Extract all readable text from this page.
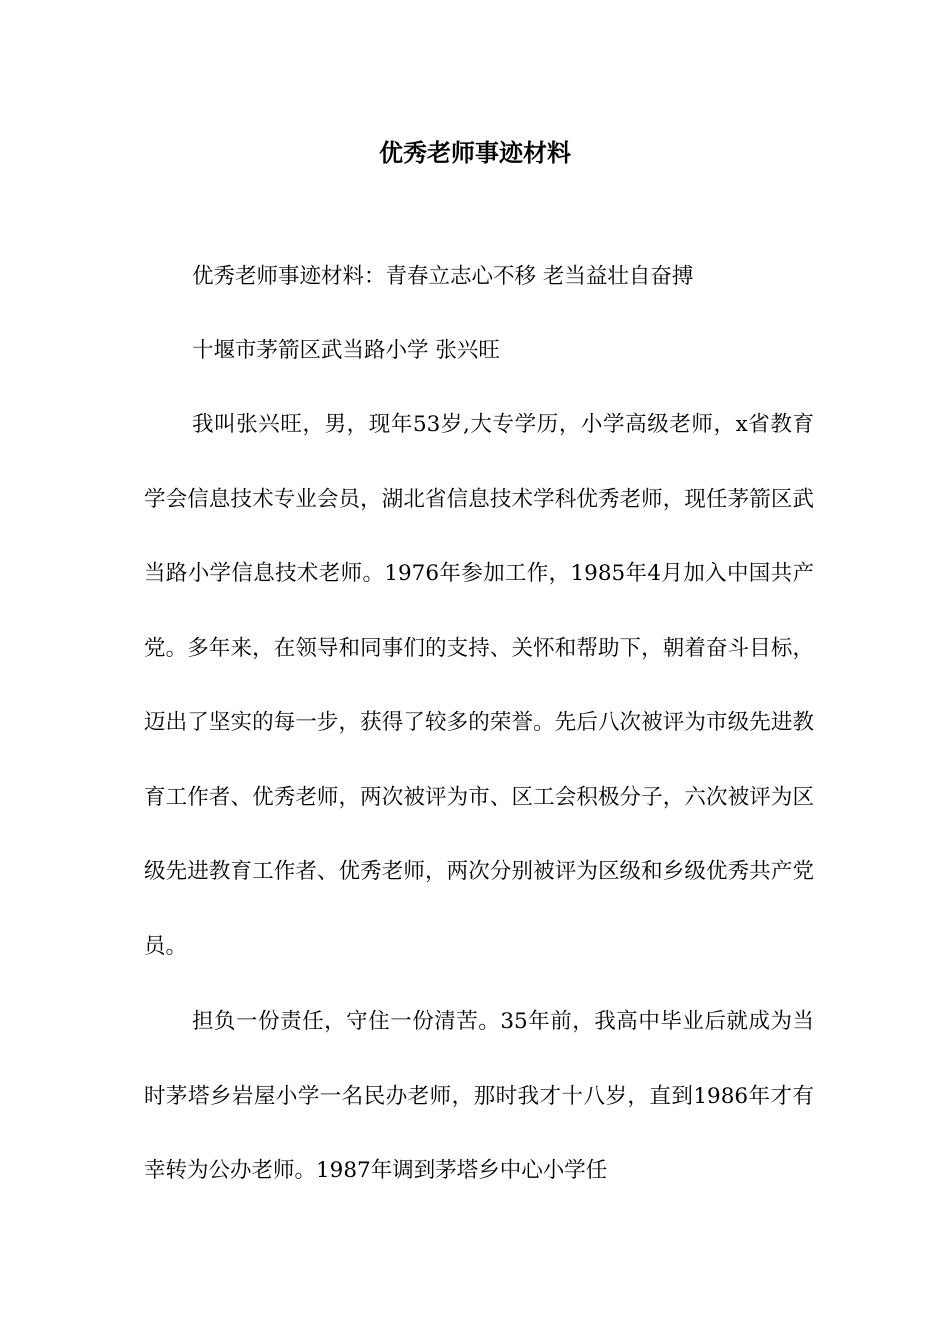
优秀老师事迹材料

优秀老师事迹材料：青春立志心不移 老当益壮自奋搏

十堰市茅箭区武当路小学 张兴旺

我叫张兴旺，男，现年53岁,大专学历，小学高级老师，x省教育学会信息技术专业会员，湖北省信息技术学科优秀老师，现任茅箭区武当路小学信息技术老师。1976年参加工作，1985年4月加入中国共产党。多年来，在领导和同事们的支持、关怀和帮助下，朝着奋斗目标，迈出了坚实的每一步，获得了较多的荣誉。先后八次被评为市级先进教育工作者、优秀老师，两次被评为市、区工会积极分子，六次被评为区级先进教育工作者、优秀老师，两次分别被评为区级和乡级优秀共产党员。

担负一份责任，守住一份清苦。35年前，我高中毕业后就成为当时茅塔乡岩屋小学一名民办老师，那时我才十八岁，直到1986年才有幸转为公办老师。1987年调到茅塔乡中心小学任
